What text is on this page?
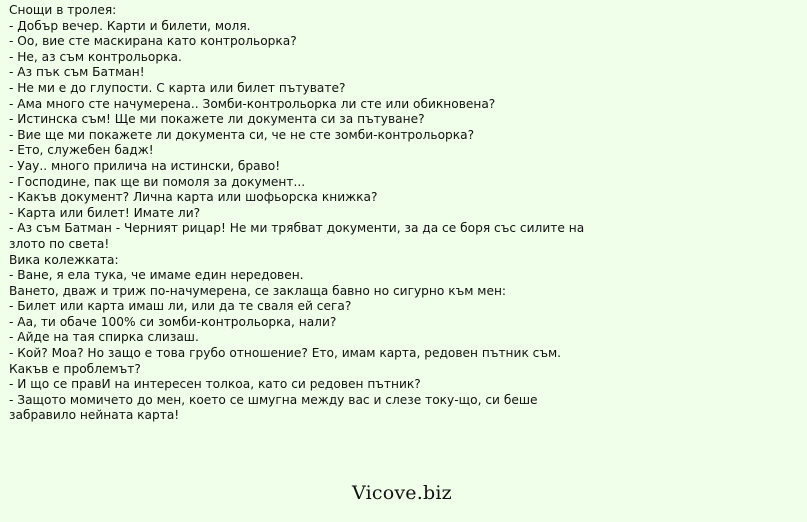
Снощи в тролея:

- Добър вечер. Карти и билети, моля.

- Оо, вие сте маскирана като контрольорка?

- Не, аз съм контрольорка.

- Аз пък съм Батман!

- Не ми е до глупости. С карта или билет пътувате?

- Ама много сте начумерена.. Зомби-контрольорка ли сте или обикновена?

- Истинска съм! Ще ми покажете ли документа си за пътуване?

- Вие ще ми покажете ли документа си, че не сте зомби-контрольорка?

- Ето, служебен бадж!

- Уау.. много прилича на истински, браво!

- Господине, пак ще ви помоля за документ...

- Какъв документ? Лична карта или шофьорска книжка?

- Карта или билет! Имате ли?

- Аз съм Батман - Черният рицар! Не ми трябват документи, за да се боря със силите на злото по света!

Вика колежката:

- Ване, я ела тука, че имаме един нередовен.

Ването, дваж и триж по-начумерена, се заклаща бавно но сигурно към мен:

- Билет или карта имаш ли, или да те сваля ей сега?

- Аа, ти обаче 100% си зомби-контрольорка, нали?

- Айде на тая спирка слизаш.

- Кой? Моа? Но защо е това грубо отношение? Ето, имам карта, редовен пътник съм. Какъв е проблемът?

- И що се правИ на интересен толкоа, като си редовен пътник?

- Защото момичето до мен, което се шмугна между вас и слезе току-що, си беше забравило нейната карта!

Vicove.biz
